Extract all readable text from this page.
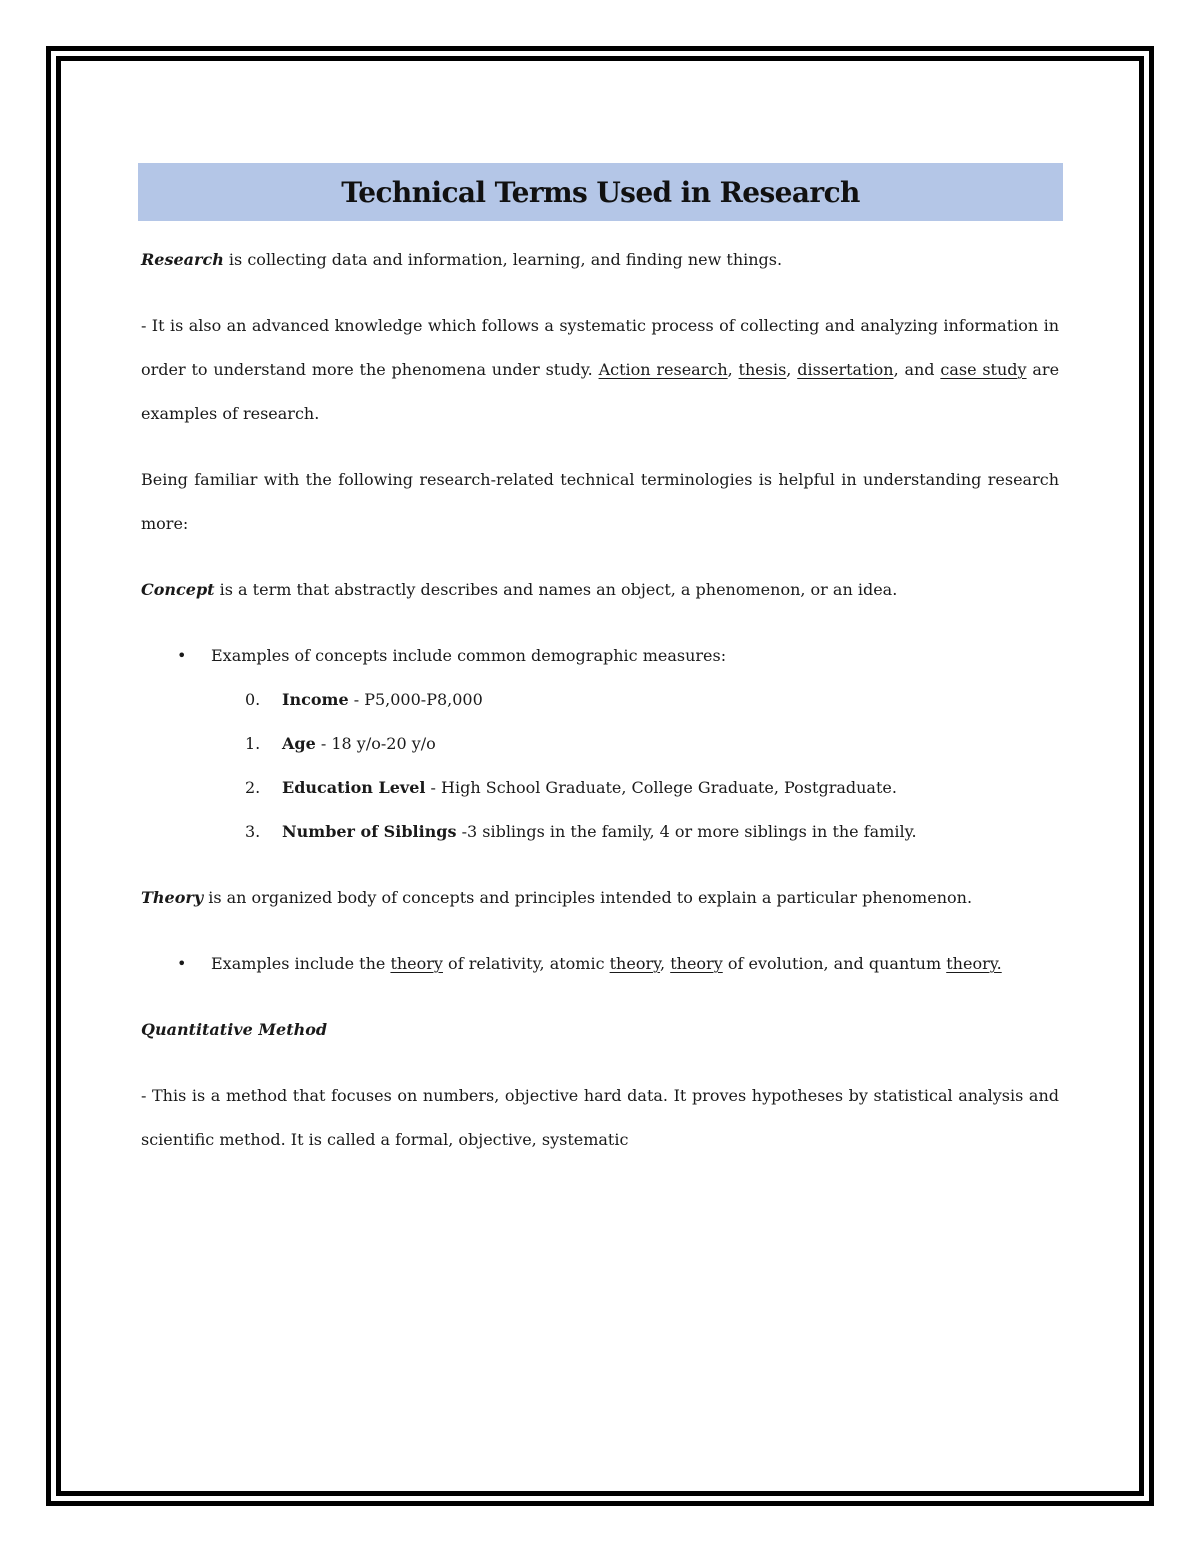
Technical Terms Used in Research

Research is collecting data and information, learning, and finding new things.

- It is also an advanced knowledge which follows a systematic process of collecting and analyzing information in order to understand more the phenomena under study. Action research, thesis, dissertation, and case study are examples of research.

Being familiar with the following research-related technical terminologies is helpful in understanding research more:

Concept is a term that abstractly describes and names an object, a phenomenon, or an idea.

• Examples of concepts include common demographic measures:
0. Income - P5,000-P8,000
1. Age - 18 y/o-20 y/o
2. Education Level - High School Graduate, College Graduate, Postgraduate.
3. Number of Siblings -3 siblings in the family, 4 or more siblings in the family.

Theory is an organized body of concepts and principles intended to explain a particular phenomenon.

• Examples include the theory of relativity, atomic theory, theory of evolution, and quantum theory.

Quantitative Method

- This is a method that focuses on numbers, objective hard data. It proves hypotheses by statistical analysis and scientific method. It is called a formal, objective, systematic
